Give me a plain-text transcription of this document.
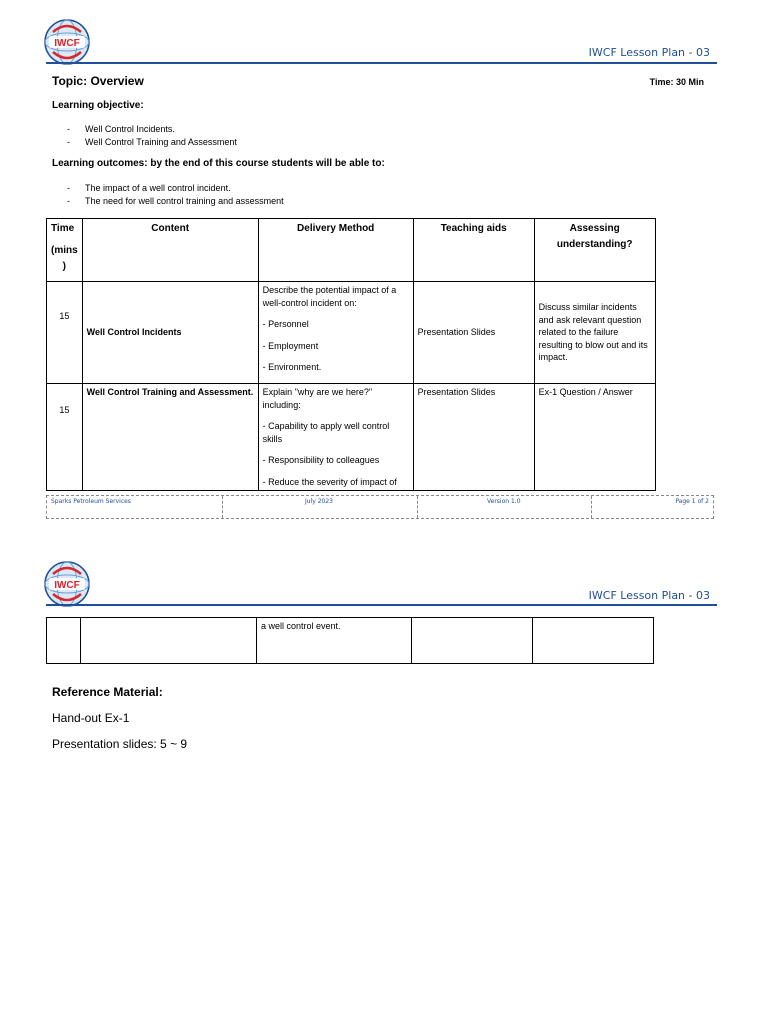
IWCF
IWCF Lesson Plan - 03
Topic: Overview	Time: 30 Min
Learning objective:
- Well Control Incidents.
- Well Control Training and Assessment
Learning outcomes: by the end of this course students will be able to:
- The impact of a well control incident.
- The need for well control training and assessment
Time
(mins
)	Content	Delivery Method	Teaching aids	Assessing understanding?
15	Well Control Incidents	Describe the potential impact of a well-control incident on:

- Personnel

- Employment

- Environment.	Presentation Slides	Discuss similar incidents and ask relevant question related to the failure resulting to blow out and its impact.
15	Well Control Training and Assessment.	Explain "why are we here?" including:

- Capability to apply well control skills

- Responsibility to colleagues

- Reduce the severity of impact of	Presentation Slides	Ex-1 Question / Answer
Sparks Petroleum Services	July 2023	Version 1.0	Page 1 of 2
IWCF
IWCF Lesson Plan - 03
		a well control event.		
Reference Material:
Hand-out Ex-1
Presentation slides: 5 ~ 9
